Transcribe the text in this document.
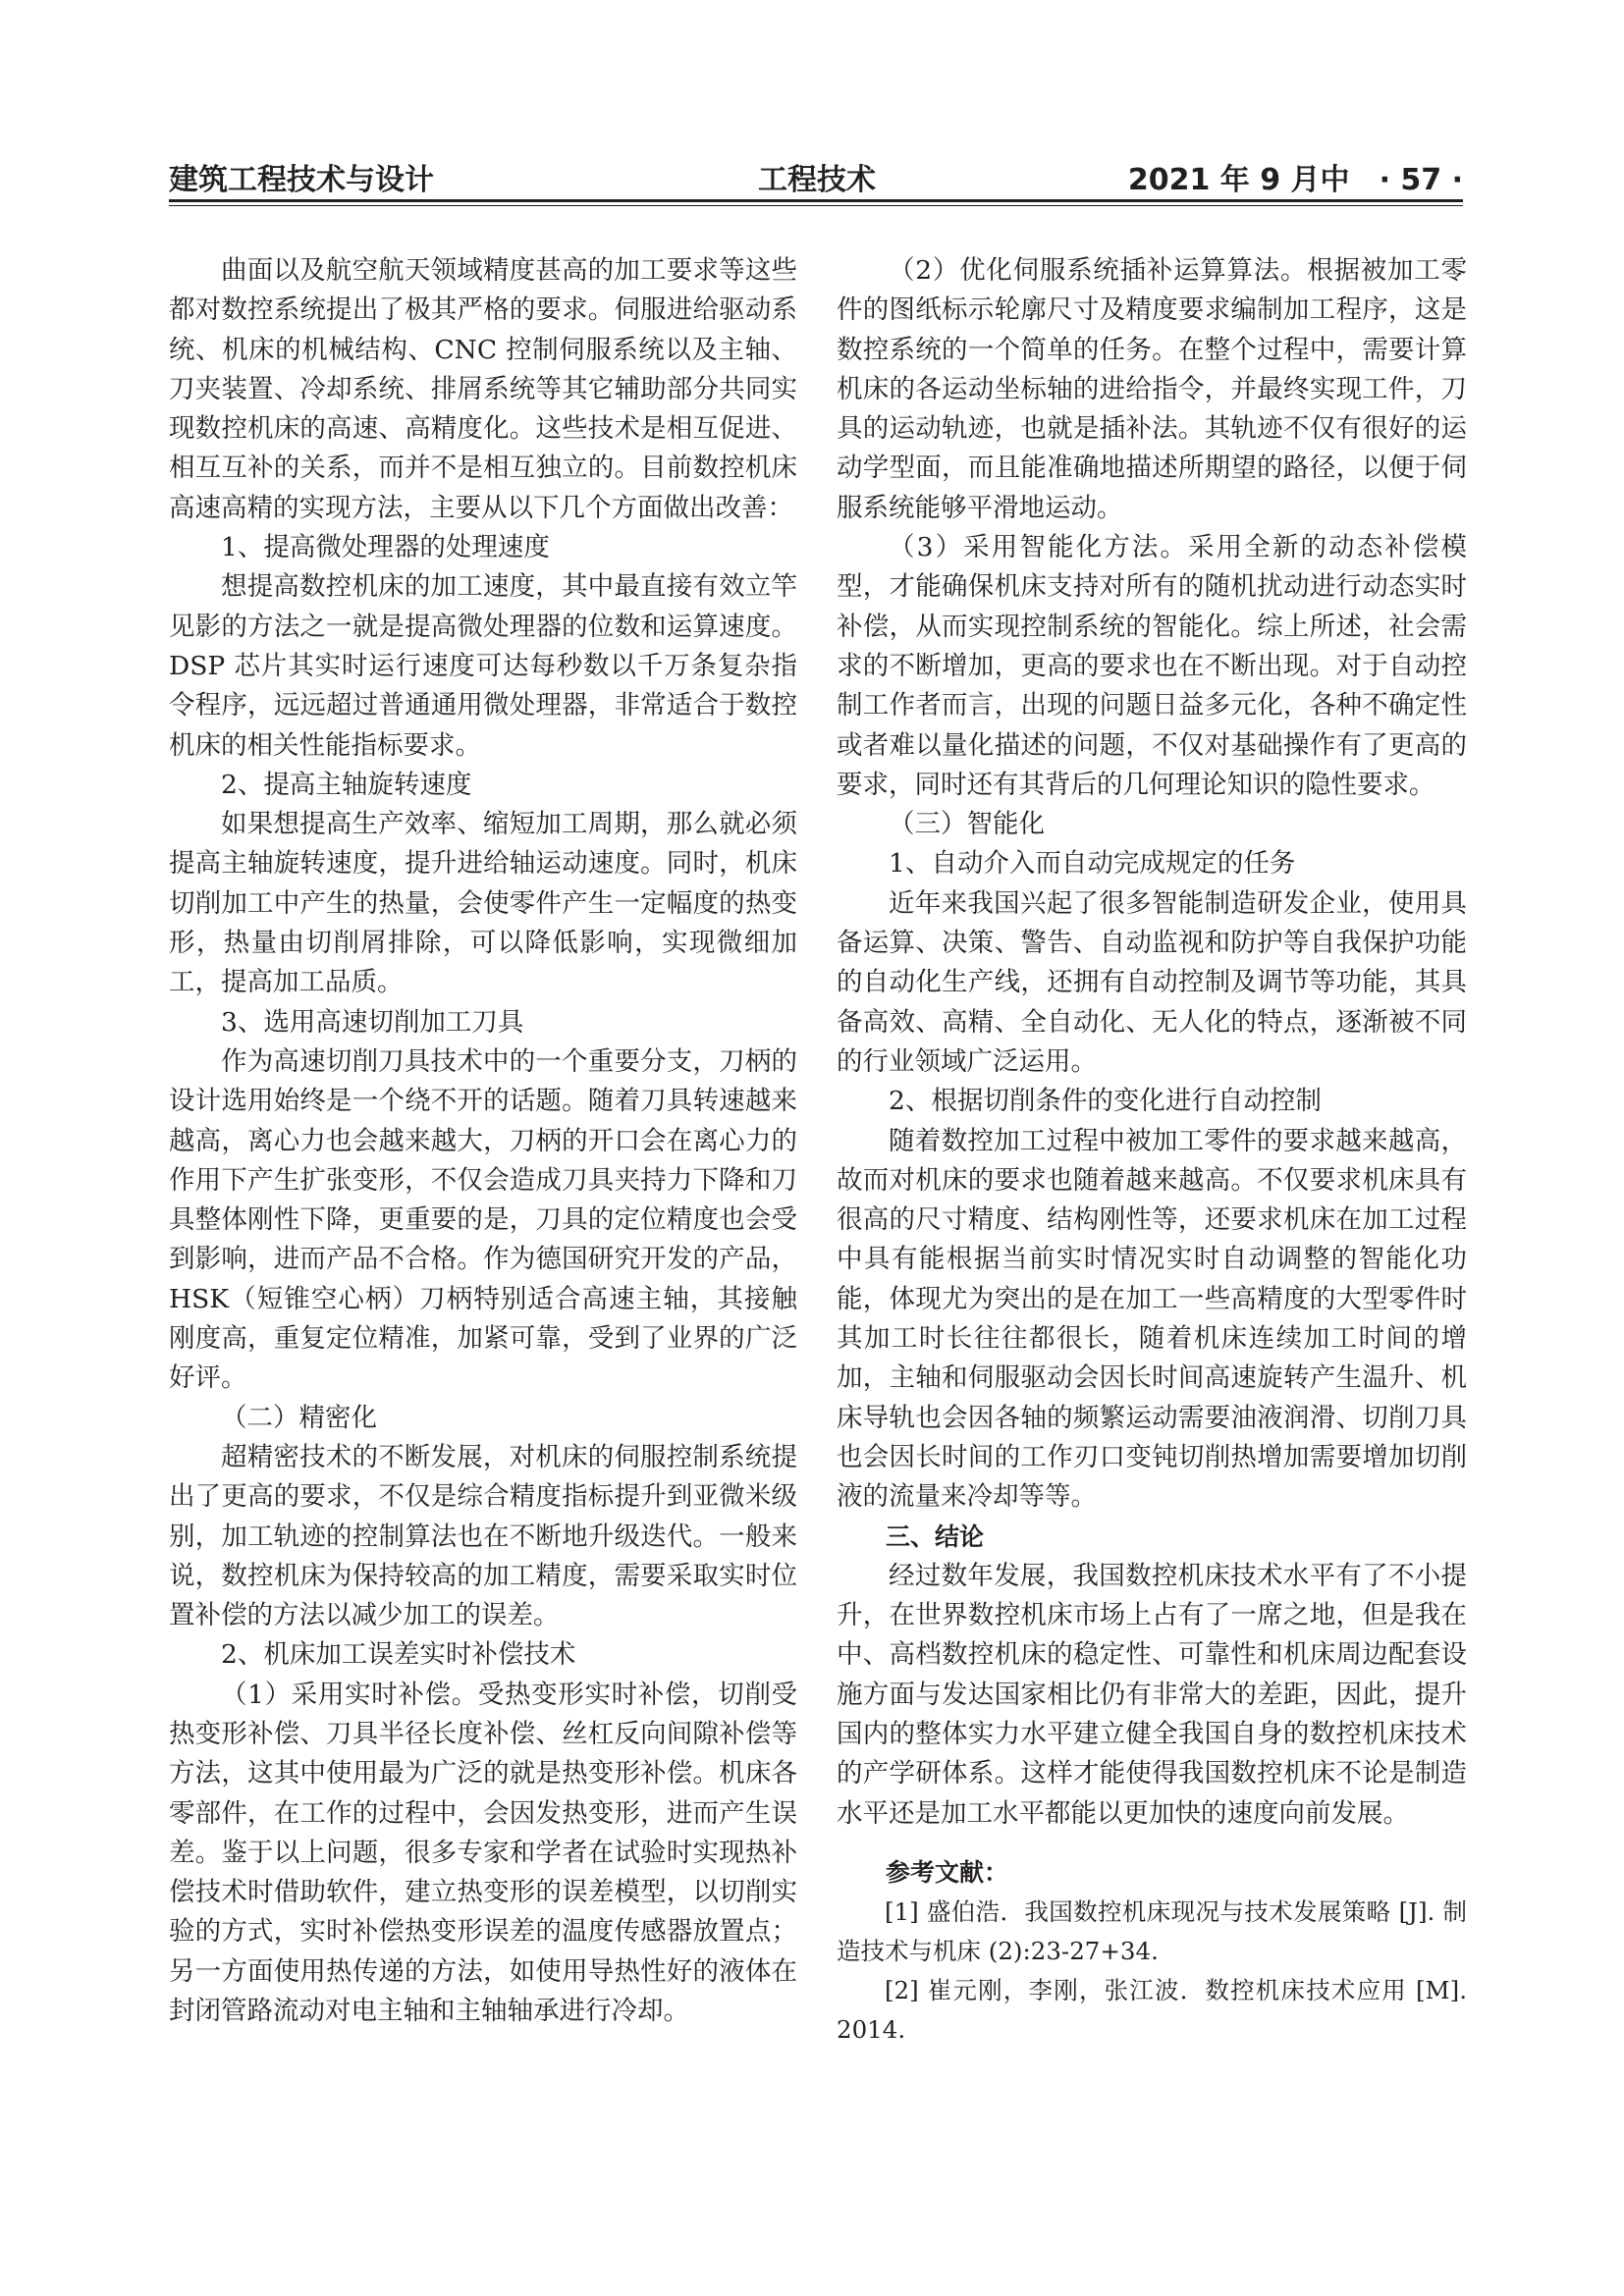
建筑工程技术与设计	工程技术	2021 年 9 月中  · 57 ·

曲面以及航空航天领域精度甚高的加工要求等这些都对数控系统提出了极其严格的要求。伺服进给驱动系统、机床的机械结构、CNC 控制伺服系统以及主轴、刀夹装置、冷却系统、排屑系统等其它辅助部分共同实现数控机床的高速、高精度化。这些技术是相互促进、相互互补的关系，而并不是相互独立的。目前数控机床高速高精的实现方法，主要从以下几个方面做出改善：

1、提高微处理器的处理速度

想提高数控机床的加工速度，其中最直接有效立竿见影的方法之一就是提高微处理器的位数和运算速度。DSP 芯片其实时运行速度可达每秒数以千万条复杂指令程序，远远超过普通通用微处理器，非常适合于数控机床的相关性能指标要求。

2、提高主轴旋转速度

如果想提高生产效率、缩短加工周期，那么就必须提高主轴旋转速度，提升进给轴运动速度。同时，机床切削加工中产生的热量，会使零件产生一定幅度的热变形，热量由切削屑排除，可以降低影响，实现微细加工，提高加工品质。

3、选用高速切削加工刀具

作为高速切削刀具技术中的一个重要分支，刀柄的设计选用始终是一个绕不开的话题。随着刀具转速越来越高，离心力也会越来越大，刀柄的开口会在离心力的作用下产生扩张变形，不仅会造成刀具夹持力下降和刀具整体刚性下降，更重要的是，刀具的定位精度也会受到影响，进而产品不合格。作为德国研究开发的产品，HSK（短锥空心柄）刀柄特别适合高速主轴，其接触刚度高，重复定位精准，加紧可靠，受到了业界的广泛好评。

（二）精密化

超精密技术的不断发展，对机床的伺服控制系统提出了更高的要求，不仅是综合精度指标提升到亚微米级别，加工轨迹的控制算法也在不断地升级迭代。一般来说，数控机床为保持较高的加工精度，需要采取实时位置补偿的方法以减少加工的误差。

2、机床加工误差实时补偿技术

（1）采用实时补偿。受热变形实时补偿，切削受热变形补偿、刀具半径长度补偿、丝杠反向间隙补偿等方法，这其中使用最为广泛的就是热变形补偿。机床各零部件，在工作的过程中，会因发热变形，进而产生误差。鉴于以上问题，很多专家和学者在试验时实现热补偿技术时借助软件，建立热变形的误差模型，以切削实验的方式，实时补偿热变形误差的温度传感器放置点；另一方面使用热传递的方法，如使用导热性好的液体在封闭管路流动对电主轴和主轴轴承进行冷却。

（2）优化伺服系统插补运算算法。根据被加工零件的图纸标示轮廓尺寸及精度要求编制加工程序，这是数控系统的一个简单的任务。在整个过程中，需要计算机床的各运动坐标轴的进给指令，并最终实现工件，刀具的运动轨迹，也就是插补法。其轨迹不仅有很好的运动学型面，而且能准确地描述所期望的路径，以便于伺服系统能够平滑地运动。

（3）采用智能化方法。采用全新的动态补偿模型，才能确保机床支持对所有的随机扰动进行动态实时补偿，从而实现控制系统的智能化。综上所述，社会需求的不断增加，更高的要求也在不断出现。对于自动控制工作者而言，出现的问题日益多元化，各种不确定性或者难以量化描述的问题，不仅对基础操作有了更高的要求，同时还有其背后的几何理论知识的隐性要求。

（三）智能化

1、自动介入而自动完成规定的任务

近年来我国兴起了很多智能制造研发企业，使用具备运算、决策、警告、自动监视和防护等自我保护功能的自动化生产线，还拥有自动控制及调节等功能，其具备高效、高精、全自动化、无人化的特点，逐渐被不同的行业领域广泛运用。

2、根据切削条件的变化进行自动控制

随着数控加工过程中被加工零件的要求越来越高，故而对机床的要求也随着越来越高。不仅要求机床具有很高的尺寸精度、结构刚性等，还要求机床在加工过程中具有能根据当前实时情况实时自动调整的智能化功能，体现尤为突出的是在加工一些高精度的大型零件时其加工时长往往都很长，随着机床连续加工时间的增加，主轴和伺服驱动会因长时间高速旋转产生温升、机床导轨也会因各轴的频繁运动需要油液润滑、切削刀具也会因长时间的工作刃口变钝切削热增加需要增加切削液的流量来冷却等等。

三、结论

经过数年发展，我国数控机床技术水平有了不小提升，在世界数控机床市场上占有了一席之地，但是我在中、高档数控机床的稳定性、可靠性和机床周边配套设施方面与发达国家相比仍有非常大的差距，因此，提升国内的整体实力水平建立健全我国自身的数控机床技术的产学研体系。这样才能使得我国数控机床不论是制造水平还是加工水平都能以更加快的速度向前发展。

参考文献：

[1] 盛伯浩．我国数控机床现况与技术发展策略 [J]. 制造技术与机床 (2):23-27+34.

[2] 崔元刚，李刚，张江波．数控机床技术应用 [M]. 2014.
